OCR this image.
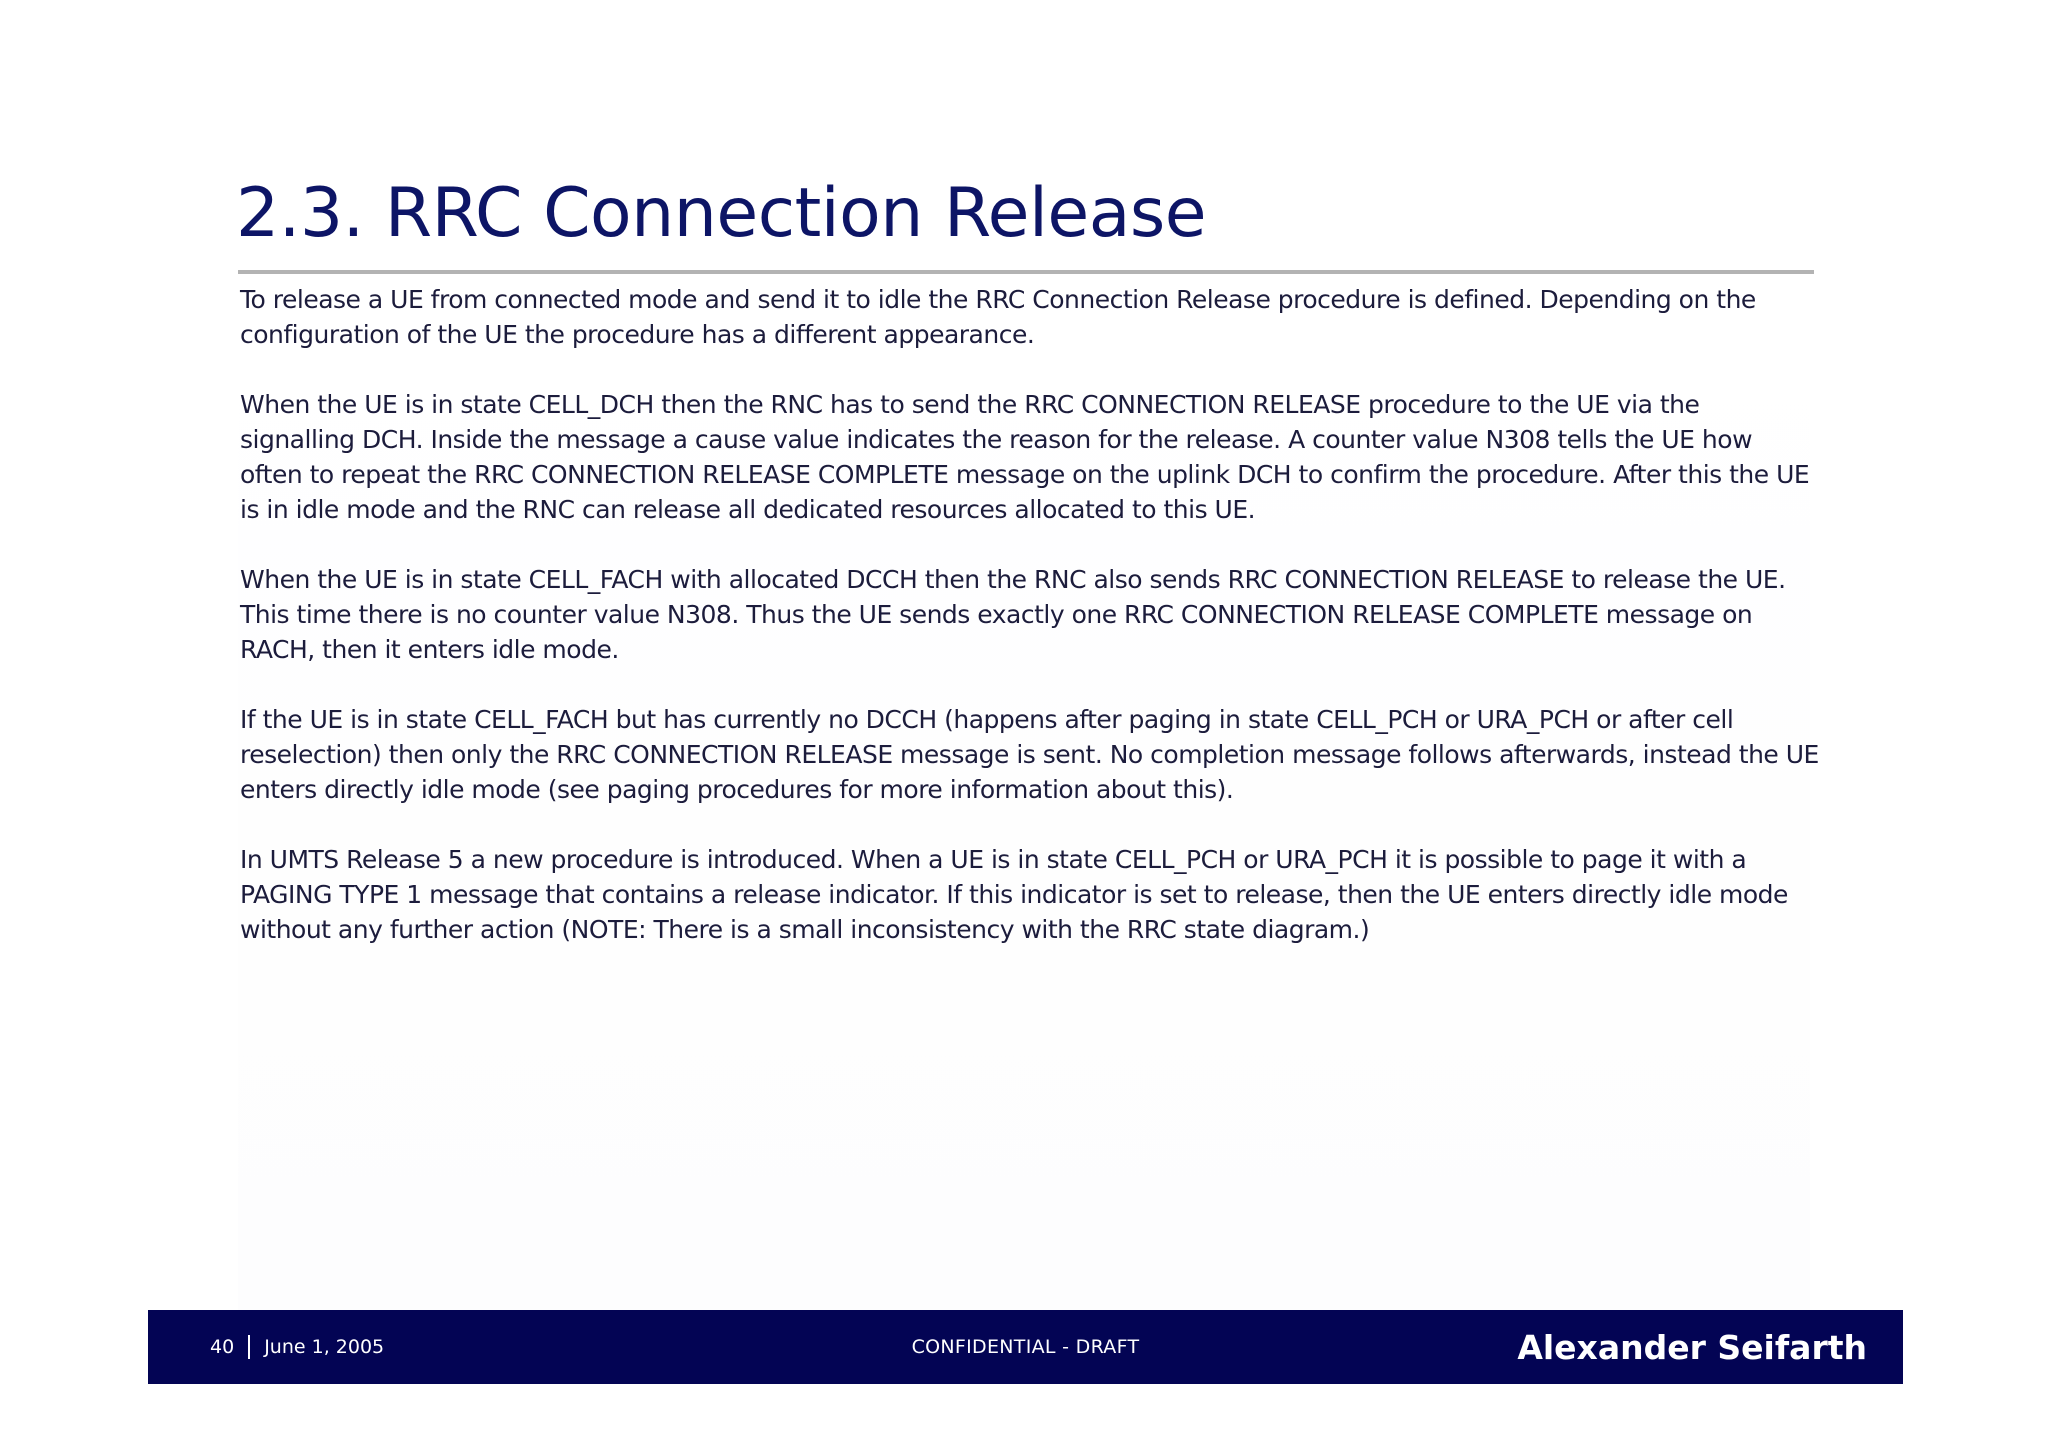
2.3. RRC Connection Release

To release a UE from connected mode and send it to idle the RRC Connection Release procedure is defined. Depending on the configuration of the UE the procedure has a different appearance.

When the UE is in state CELL_DCH then the RNC has to send the RRC CONNECTION RELEASE procedure to the UE via the signalling DCH. Inside the message a cause value indicates the reason for the release. A counter value N308 tells the UE how often to repeat the RRC CONNECTION RELEASE COMPLETE message on the uplink DCH to confirm the procedure. After this the UE is in idle mode and the RNC can release all dedicated resources allocated to this UE.

When the UE is in state CELL_FACH with allocated DCCH then the RNC also sends RRC CONNECTION RELEASE to release the UE. This time there is no counter value N308. Thus the UE sends exactly one RRC CONNECTION RELEASE COMPLETE message on RACH, then it enters idle mode.

If the UE is in state CELL_FACH but has currently no DCCH (happens after paging in state CELL_PCH or URA_PCH or after cell reselection) then only the RRC CONNECTION RELEASE message is sent. No completion message follows afterwards, instead the UE enters directly idle mode (see paging procedures for more information about this).

In UMTS Release 5 a new procedure is introduced. When a UE is in state CELL_PCH or URA_PCH it is possible to page it with a PAGING TYPE 1 message that contains a release indicator. If this indicator is set to release, then the UE enters directly idle mode without any further action (NOTE: There is a small inconsistency with the RRC state diagram.)

40 June 1, 2005	CONFIDENTIAL - DRAFT	Alexander Seifarth
